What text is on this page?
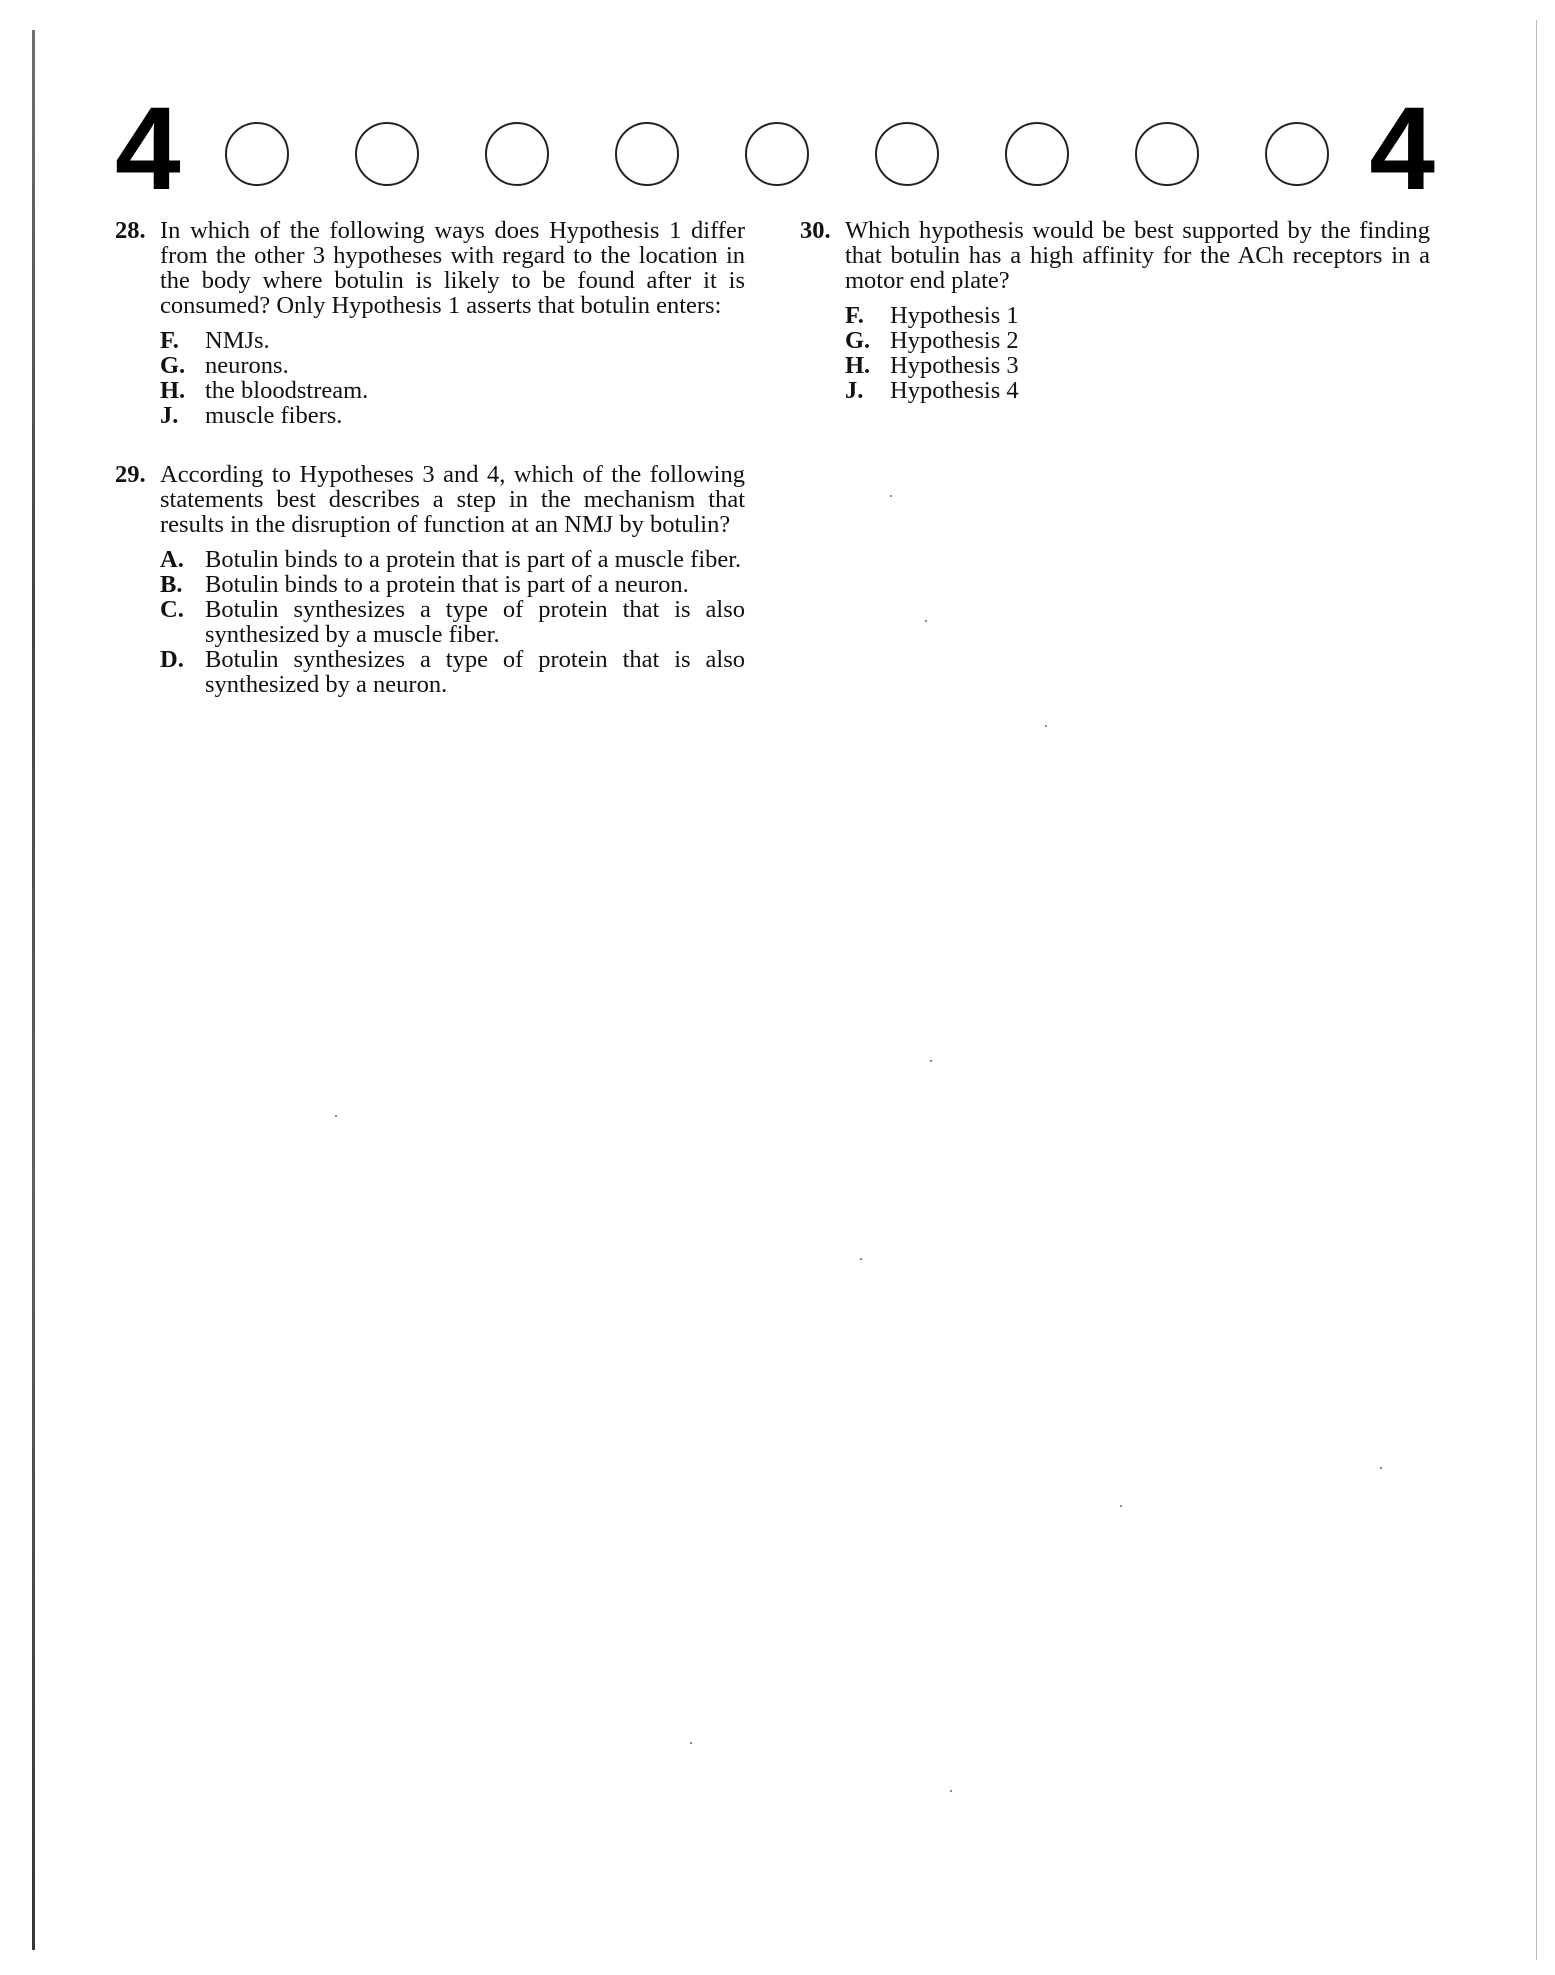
4	4
28. In which of the following ways does Hypothesis 1 differ from the other 3 hypotheses with regard to the location in the body where botulin is likely to be found after it is consumed? Only Hypothesis 1 asserts that botulin enters:
F. NMJs.
G. neurons.
H. the bloodstream.
J. muscle fibers.
29. According to Hypotheses 3 and 4, which of the following statements best describes a step in the mechanism that results in the disruption of function at an NMJ by botulin?
A. Botulin binds to a protein that is part of a muscle fiber.
B. Botulin binds to a protein that is part of a neuron.
C. Botulin synthesizes a type of protein that is also synthesized by a muscle fiber.
D. Botulin synthesizes a type of protein that is also synthesized by a neuron.
30. Which hypothesis would be best supported by the finding that botulin has a high affinity for the ACh receptors in a motor end plate?
F. Hypothesis 1
G. Hypothesis 2
H. Hypothesis 3
J. Hypothesis 4
